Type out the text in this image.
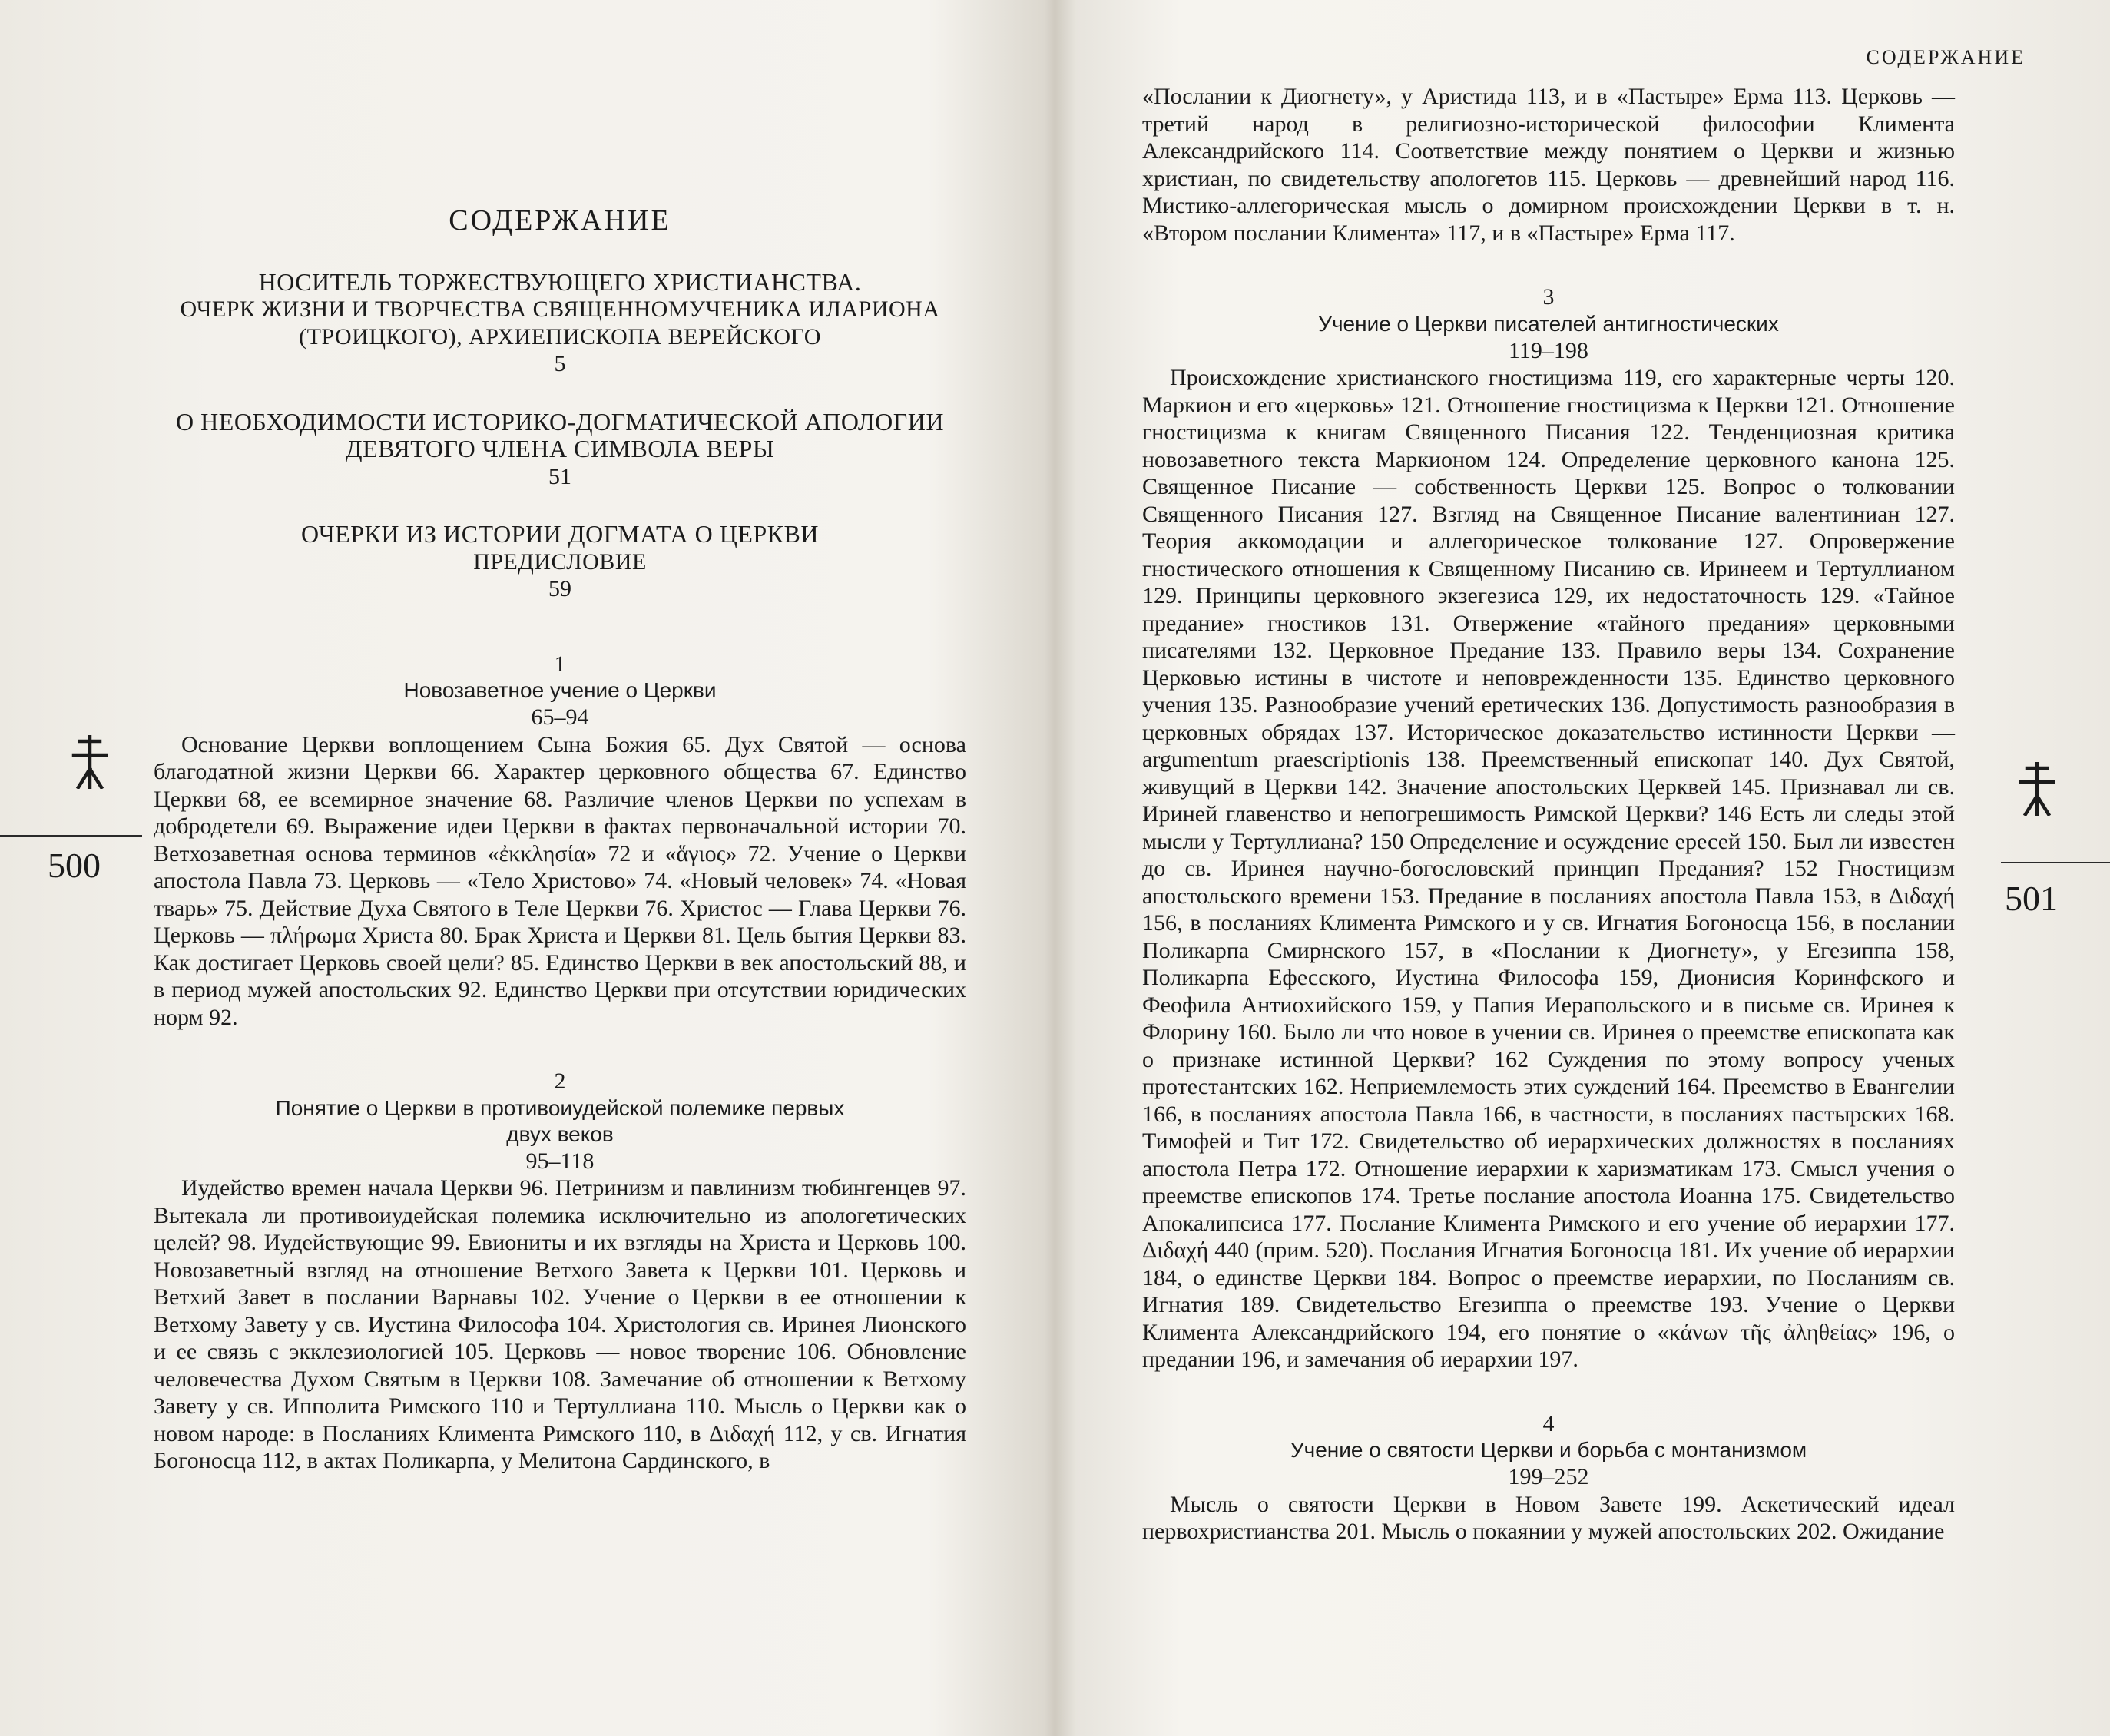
500
СОДЕРЖАНИЕ
НОСИТЕЛЬ ТОРЖЕСТВУЮЩЕГО ХРИСТИАНСТВА.
ОЧЕРК ЖИЗНИ И ТВОРЧЕСТВА СВЯЩЕННОМУЧЕНИКА ИЛАРИОНА (ТРОИЦКОГО), АРХИЕПИСКОПА ВЕРЕЙСКОГО
5
О НЕОБХОДИМОСТИ ИСТОРИКО-ДОГМАТИЧЕСКОЙ АПОЛОГИИ ДЕВЯТОГО ЧЛЕНА СИМВОЛА ВЕРЫ
51
ОЧЕРКИ ИЗ ИСТОРИИ ДОГМАТА О ЦЕРКВИ
ПРЕДИСЛОВИЕ
59
1
Новозаветное учение о Церкви
65–94
Основание Церкви воплощением Сына Божия 65. Дух Святой — основа благодатной жизни Церкви 66. Характер церковного общества 67. Единство Церкви 68, ее всемирное значение 68. Различие членов Церкви по успехам в добродетели 69. Выражение идеи Церкви в фактах первоначальной истории 70. Ветхозаветная основа терминов «ἐκκλησία» 72 и «ἅγιος» 72. Учение о Церкви апостола Павла 73. Церковь — «Тело Христово» 74. «Новый человек» 74. «Новая тварь» 75. Действие Духа Святого в Теле Церкви 76. Христос — Глава Церкви 76. Церковь — πλήρωμα Христа 80. Брак Христа и Церкви 81. Цель бытия Церкви 83. Как достигает Церковь своей цели? 85. Единство Церкви в век апостольский 88, и в период мужей апостольских 92. Единство Церкви при отсутствии юридических норм 92.
2
Понятие о Церкви в противоиудейской полемике первых двух веков
95–118
Иудейство времен начала Церкви 96. Петринизм и павлинизм тюбингенцев 97. Вытекала ли противоиудейская полемика исключительно из апологетических целей? 98. Иудействующие 99. Евиониты и их взгляды на Христа и Церковь 100. Новозаветный взгляд на отношение Ветхого Завета к Церкви 101. Церковь и Ветхий Завет в послании Варнавы 102. Учение о Церкви в ее отношении к Ветхому Завету у св. Иустина Философа 104. Христология св. Иринея Лионского и ее связь с экклезиологией 105. Церковь — новое творение 106. Обновление человечества Духом Святым в Церкви 108. Замечание об отношении к Ветхому Завету у св. Ипполита Римского 110 и Тертуллиана 110. Мысль о Церкви как о новом народе: в Посланиях Климента Римского 110, в Διδαχή 112, у св. Игнатия Богоносца 112, в актах Поликарпа, у Мелитона Сардинского, в
СОДЕРЖАНИЕ
501
«Послании к Диогнету», у Аристида 113, и в «Пастыре» Ерма 113. Церковь — третий народ в религиозно-исторической философии Климента Александрийского 114. Соответствие между понятием о Церкви и жизнью христиан, по свидетельству апологетов 115. Церковь — древнейший народ 116. Мистико-аллегорическая мысль о домирном происхождении Церкви в т. н. «Втором послании Климента» 117, и в «Пастыре» Ерма 117.
3
Учение о Церкви писателей антигностических
119–198
Происхождение христианского гностицизма 119, его характерные черты 120. Маркион и его «церковь» 121. Отношение гностицизма к Церкви 121. Отношение гностицизма к книгам Священного Писания 122. Тенденциозная критика новозаветного текста Маркионом 124. Определение церковного канона 125. Священное Писание — собственность Церкви 125. Вопрос о толковании Священного Писания 127. Взгляд на Священное Писание валентиниан 127. Теория аккомодации и аллегорическое толкование 127. Опровержение гностического отношения к Священному Писанию св. Иринеем и Тертуллианом 129. Принципы церковного экзегезиса 129, их недостаточность 129. «Тайное предание» гностиков 131. Отвержение «тайного предания» церковными писателями 132. Церковное Предание 133. Правило веры 134. Сохранение Церковью истины в чистоте и неповрежденности 135. Единство церковного учения 135. Разнообразие учений еретических 136. Допустимость разнообразия в церковных обрядах 137. Историческое доказательство истинности Церкви — argumentum praescriptionis 138. Преемственный епископат 140. Дух Святой, живущий в Церкви 142. Значение апостольских Церквей 145. Признавал ли св. Ириней главенство и непогрешимость Римской Церкви? 146 Есть ли следы этой мысли у Тертуллиана? 150 Определение и осуждение ересей 150. Был ли известен до св. Иринея научно-богословский принцип Предания? 152 Гностицизм апостольского времени 153. Предание в посланиях апостола Павла 153, в Διδαχή 156, в посланиях Климента Римского и у св. Игнатия Богоносца 156, в послании Поликарпа Смирнского 157, в «Послании к Диогнету», у Егезиппа 158, Поликарпа Ефесского, Иустина Философа 159, Дионисия Коринфского и Феофила Антиохийского 159, у Папия Иерапольского и в письме св. Иринея к Флорину 160. Было ли что новое в учении св. Иринея о преемстве епископата как о признаке истинной Церкви? 162 Суждения по этому вопросу ученых протестантских 162. Неприемлемость этих суждений 164. Преемство в Евангелии 166, в посланиях апостола Павла 166, в частности, в посланиях пастырских 168. Тимофей и Тит 172. Свидетельство об иерархических должностях в посланиях апостола Петра 172. Отношение иерархии к харизматикам 173. Смысл учения о преемстве епископов 174. Третье послание апостола Иоанна 175. Свидетельство Апокалипсиса 177. Послание Климента Римского и его учение об иерархии 177. Διδαχή 440 (прим. 520). Послания Игнатия Богоносца 181. Их учение об иерархии 184, о единстве Церкви 184. Вопрос о преемстве иерархии, по Посланиям св. Игнатия 189. Свидетельство Егезиппа о преемстве 193. Учение о Церкви Климента Александрийского 194, его понятие о «κάνων τῆς ἀληθείας» 196, о предании 196, и замечания об иерархии 197.
4
Учение о святости Церкви и борьба с монтанизмом
199–252
Мысль о святости Церкви в Новом Завете 199. Аскетический идеал первохристианства 201. Мысль о покаянии у мужей апостольских 202. Ожидание
